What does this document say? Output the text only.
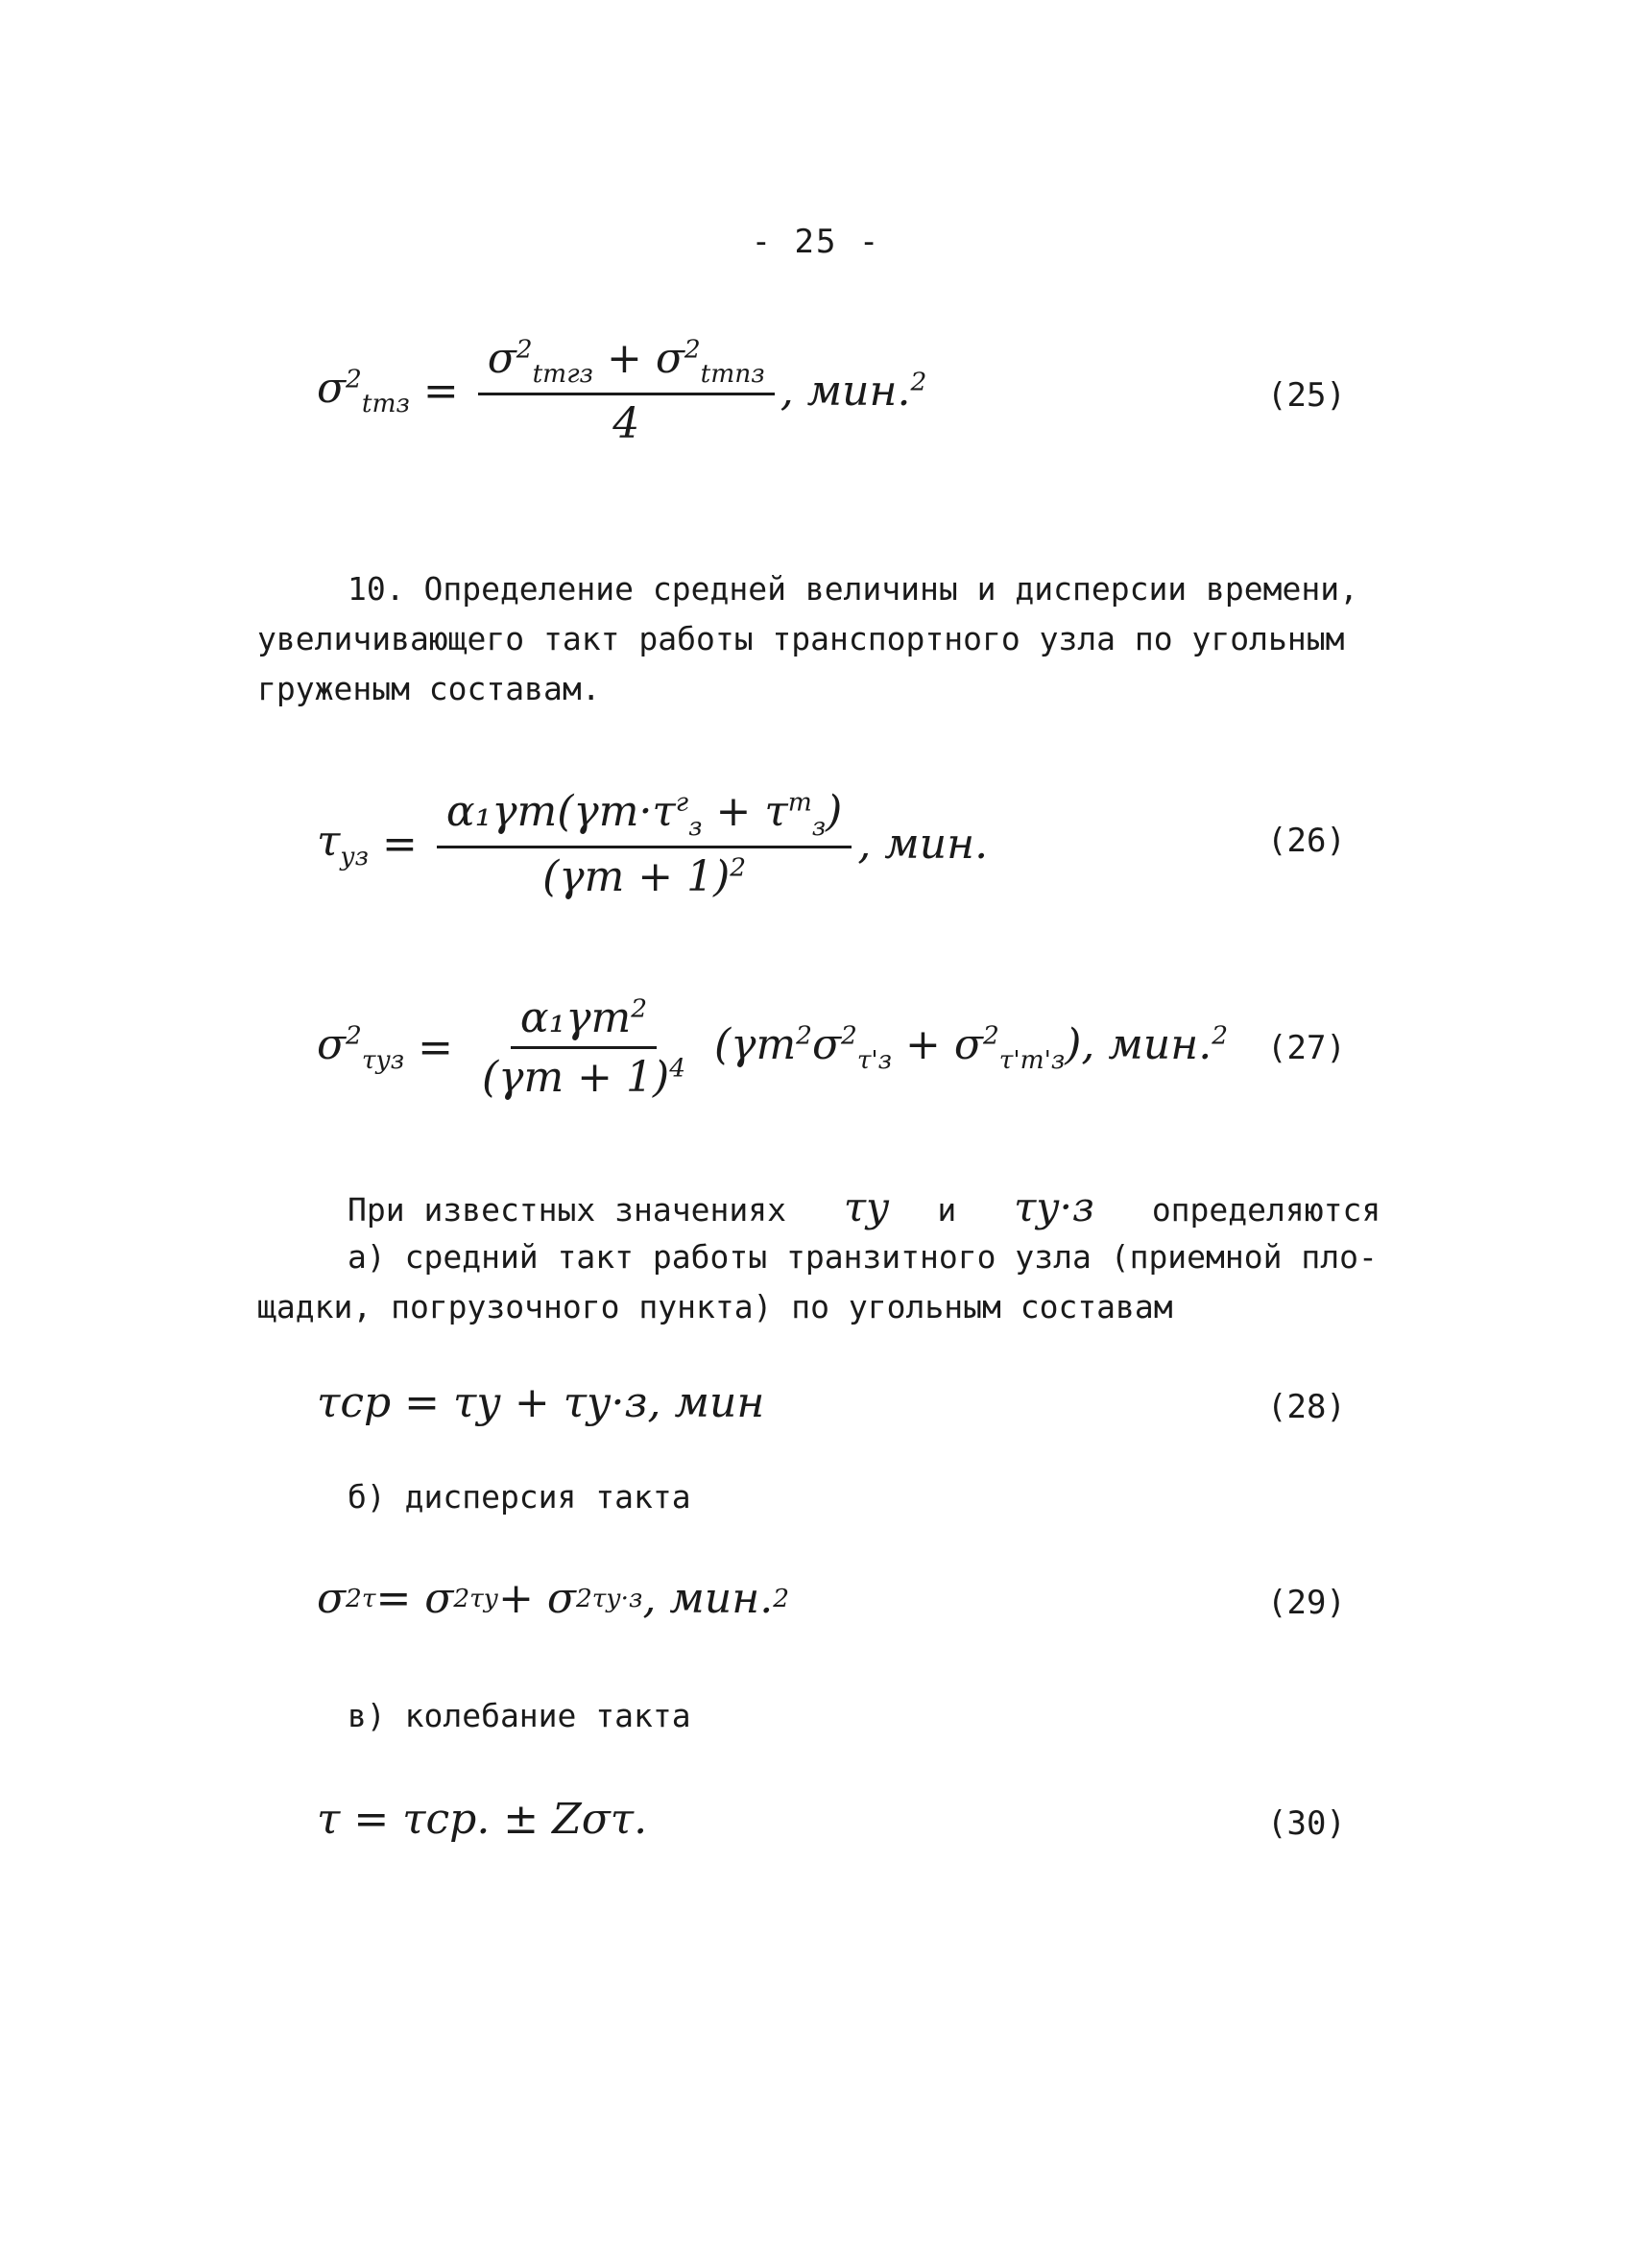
- 25 -
$\sigma^2_{tтз} = \frac{\sigma^2_{tтгз} + \sigma^2_{tтпз}}{4}$ , мин.$^2$	(25)
10. Определение средней величины и дисперсии времени,
увеличивающего такт работы транспортного узла по угольным
груженым составам.
$\tau_{уз} = \frac{\alpha_1\gamma т(\gamma т\cdot\tau^г_з + \tau^т_з)}{(\gamma т + 1)^2}$ , мин.	(26)
$\sigma^2_{\tau уз} = \frac{\alpha_1\gamma т^2}{(\gamma т + 1)^4} (\gamma т^2\sigma^2_{\tau'з} + \sigma^2_{\tau'т'з})$, мин.$^2$ (27)
При известных значениях τу и τу·з определяются
а) средний такт работы транзитного узла (приемной пло-
щадки, погрузочного пункта) по угольным составам
τср = τу + τу·з, мин	(28)
б) дисперсия такта
σ 2 τ = σ 2 τу + σ 2 τу·з , мин. 2	(29)
в) колебание такта
τ = τср. ± Zστ.	(30)
